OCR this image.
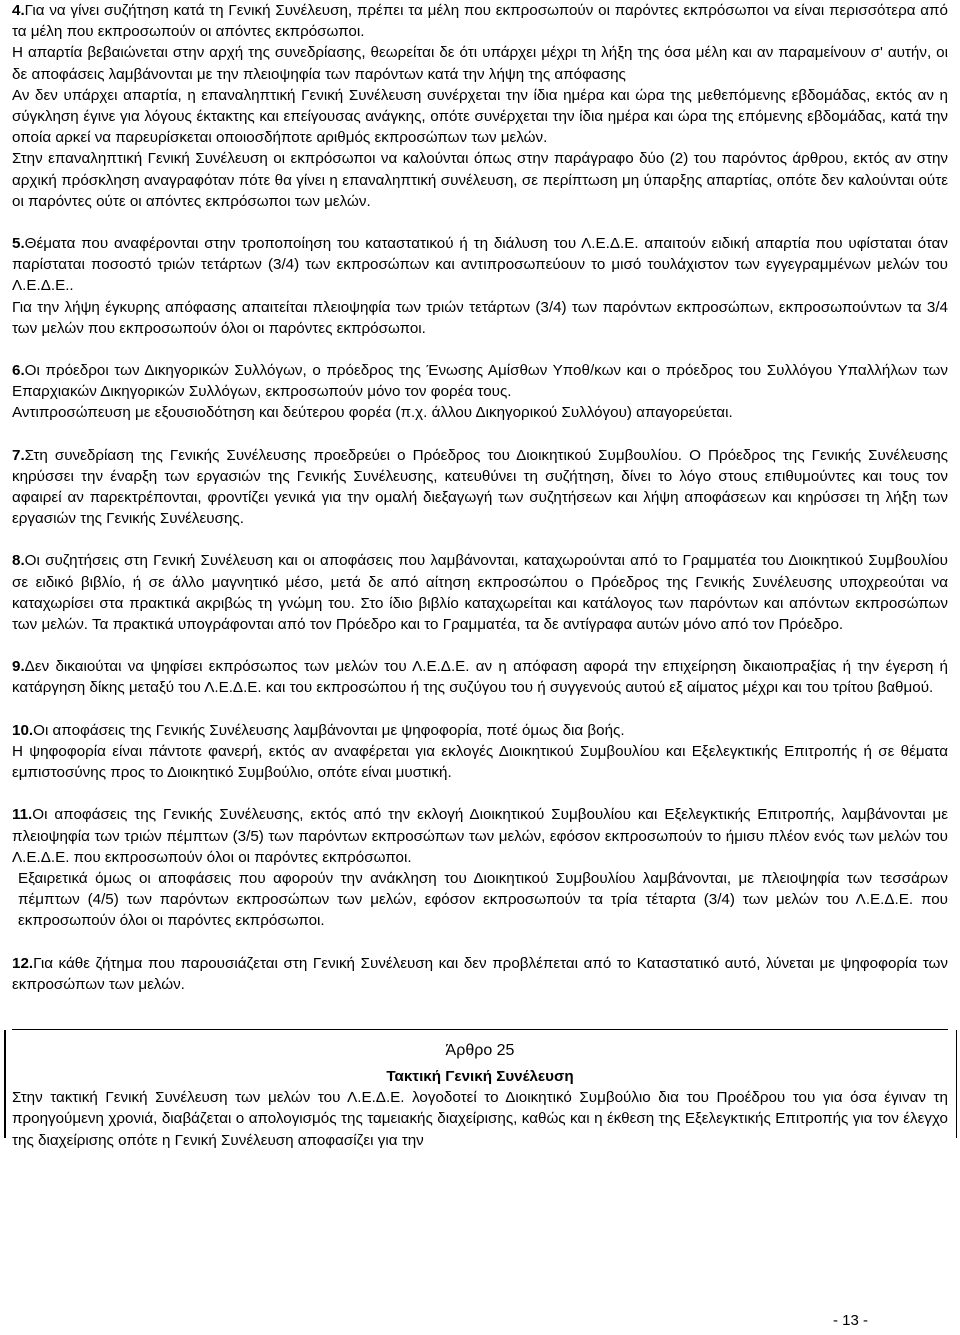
4.Για να γίνει συζήτηση κατά τη Γενική Συνέλευση, πρέπει τα μέλη που εκπροσωπούν οι παρόντες εκπρόσωποι να είναι περισσότερα από τα μέλη που εκπροσωπούν οι απόντες εκπρόσωποι.

Η απαρτία βεβαιώνεται στην αρχή της συνεδρίασης, θεωρείται δε ότι υπάρχει μέχρι τη λήξη της όσα μέλη και αν παραμείνουν σ' αυτήν, οι δε αποφάσεις λαμβάνονται με την πλειοψηφία των παρόντων κατά την λήψη της απόφασης

Αν δεν υπάρχει απαρτία, η επαναληπτική Γενική Συνέλευση συνέρχεται την ίδια ημέρα και ώρα της μεθεπόμενης εβδομάδας, εκτός αν η σύγκληση έγινε για λόγους έκτακτης και επείγουσας ανάγκης, οπότε συνέρχεται την ίδια ημέρα και ώρα της επόμενης εβδομάδας, κατά την οποία αρκεί να παρευρίσκεται οποιοσδήποτε αριθμός εκπροσώπων των μελών.

Στην επαναληπτική Γενική Συνέλευση οι εκπρόσωποι να καλούνται όπως στην παράγραφο δύο (2) του παρόντος άρθρου, εκτός αν στην αρχική πρόσκληση αναγραφόταν πότε θα γίνει η επαναληπτική συνέλευση, σε περίπτωση μη ύπαρξης απαρτίας, οπότε δεν καλούνται ούτε οι παρόντες ούτε οι απόντες εκπρόσωποι των μελών.

5.Θέματα που αναφέρονται στην τροποποίηση του καταστατικού ή τη διάλυση του Λ.Ε.Δ.Ε. απαιτούν ειδική απαρτία που υφίσταται όταν παρίσταται ποσοστό τριών τετάρτων (3/4) των εκπροσώπων και αντιπροσωπεύουν το μισό τουλάχιστον των εγγεγραμμένων μελών του Λ.Ε.Δ.Ε..

Για την λήψη έγκυρης απόφασης απαιτείται πλειοψηφία των τριών τετάρτων (3/4) των παρόντων εκπροσώπων, εκπροσωπούντων τα 3/4 των μελών που εκπροσωπούν όλοι οι παρόντες εκπρόσωποι.

6.Οι πρόεδροι των Δικηγορικών Συλλόγων, ο πρόεδρος της Ένωσης Αμίσθων Υποθ/κων και ο πρόεδρος του Συλλόγου Υπαλλήλων των Επαρχιακών Δικηγορικών Συλλόγων, εκπροσωπούν μόνο τον φορέα τους.

Αντιπροσώπευση με εξουσιοδότηση και δεύτερου φορέα (π.χ. άλλου Δικηγορικού Συλλόγου) απαγορεύεται.

7.Στη συνεδρίαση της Γενικής Συνέλευσης προεδρεύει ο Πρόεδρος του Διοικητικού Συμβουλίου. Ο Πρόεδρος της Γενικής Συνέλευσης κηρύσσει την έναρξη των εργασιών της Γενικής Συνέλευσης, κατευθύνει τη συζήτηση, δίνει το λόγο στους επιθυμούντες και τους τον αφαιρεί αν παρεκτρέπονται, φροντίζει γενικά για την ομαλή διεξαγωγή των συζητήσεων και λήψη αποφάσεων και κηρύσσει τη λήξη των εργασιών της Γενικής Συνέλευσης.

8.Οι συζητήσεις στη Γενική Συνέλευση και οι αποφάσεις που λαμβάνονται, καταχωρούνται από το Γραμματέα του Διοικητικού Συμβουλίου σε ειδικό βιβλίο, ή σε άλλο μαγνητικό μέσο, μετά δε από αίτηση εκπροσώπου ο Πρόεδρος της Γενικής Συνέλευσης υποχρεούται να καταχωρίσει στα πρακτικά ακριβώς τη γνώμη του. Στο ίδιο βιβλίο καταχωρείται και κατάλογος των παρόντων και απόντων εκπροσώπων των μελών. Τα πρακτικά υπογράφονται από τον Πρόεδρο και το Γραμματέα, τα δε αντίγραφα αυτών μόνο από τον Πρόεδρο.

9.Δεν δικαιούται να ψηφίσει εκπρόσωπος των μελών του Λ.Ε.Δ.Ε. αν η απόφαση αφορά την επιχείρηση δικαιοπραξίας ή την έγερση ή κατάργηση δίκης μεταξύ του Λ.Ε.Δ.Ε. και του εκπροσώπου ή της συζύγου του ή συγγενούς αυτού εξ αίματος μέχρι και του τρίτου βαθμού.

10.Οι αποφάσεις της Γενικής Συνέλευσης λαμβάνονται με ψηφοφορία, ποτέ όμως δια βοής.

Η ψηφοφορία είναι πάντοτε φανερή, εκτός αν αναφέρεται για εκλογές Διοικητικού Συμβουλίου και Εξελεγκτικής Επιτροπής ή σε θέματα εμπιστοσύνης προς το Διοικητικό Συμβούλιο, οπότε είναι μυστική.

11.Οι αποφάσεις της Γενικής Συνέλευσης, εκτός από την εκλογή Διοικητικού Συμβουλίου και Εξελεγκτικής Επιτροπής, λαμβάνονται με πλειοψηφία των τριών πέμπτων (3/5) των παρόντων εκπροσώπων των μελών, εφόσον εκπροσωπούν το ήμισυ πλέον ενός των μελών του Λ.Ε.Δ.Ε. που εκπροσωπούν όλοι οι παρόντες εκπρόσωποι.

Εξαιρετικά όμως οι αποφάσεις που αφορούν την ανάκληση του Διοικητικού Συμβουλίου λαμβάνονται, με πλειοψηφία των τεσσάρων πέμπτων (4/5) των παρόντων εκπροσώπων των μελών, εφόσον εκπροσωπούν τα τρία τέταρτα (3/4) των μελών του Λ.Ε.Δ.Ε. που εκπροσωπούν όλοι οι παρόντες εκπρόσωποι.

12.Για κάθε ζήτημα που παρουσιάζεται στη Γενική Συνέλευση και δεν προβλέπεται από το Καταστατικό αυτό, λύνεται με ψηφοφορία των εκπροσώπων των μελών.

Άρθρο 25

Τακτική Γενική Συνέλευση

Στην τακτική Γενική Συνέλευση των μελών του Λ.Ε.Δ.Ε. λογοδοτεί το Διοικητικό Συμβούλιο δια του Προέδρου του για όσα έγιναν τη προηγούμενη χρονιά, διαβάζεται ο απολογισμός της ταμειακής διαχείρισης, καθώς και η έκθεση της Εξελεγκτικής Επιτροπής για τον έλεγχο της διαχείρισης οπότε η Γενική Συνέλευση αποφασίζει για την

- 13 -
